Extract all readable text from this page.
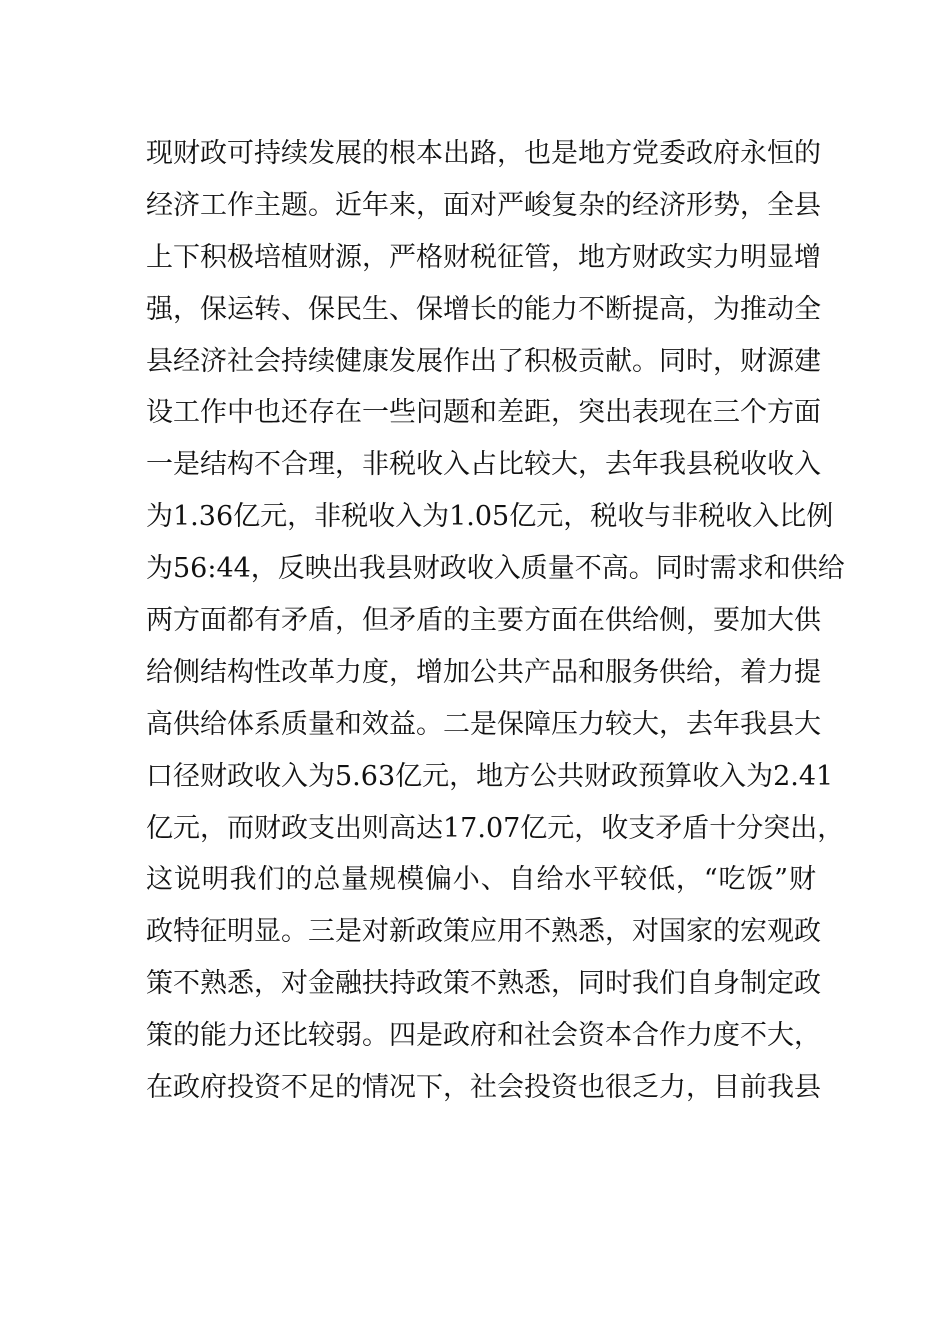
现财政可持续发展的根本出路，也是地方党委政府永恒的
经济工作主题。近年来，面对严峻复杂的经济形势，全县
上下积极培植财源，严格财税征管，地方财政实力明显增
强，保运转、保民生、保增长的能力不断提高，为推动全
县经济社会持续健康发展作出了积极贡献。同时，财源建
设工作中也还存在一些问题和差距，突出表现在三个方面
一是结构不合理，非税收入占比较大，去年我县税收收入
为1.36亿元，非税收入为1.05亿元，税收与非税收入比例
为56:44，反映出我县财政收入质量不高。同时需求和供给
两方面都有矛盾，但矛盾的主要方面在供给侧，要加大供
给侧结构性改革力度，增加公共产品和服务供给，着力提
高供给体系质量和效益。二是保障压力较大，去年我县大
口径财政收入为5.63亿元，地方公共财政预算收入为2.41
亿元，而财政支出则高达17.07亿元，收支矛盾十分突出，
这说明我们的总量规模偏小、自给水平较低，“吃饭”财
政特征明显。三是对新政策应用不熟悉，对国家的宏观政
策不熟悉，对金融扶持政策不熟悉，同时我们自身制定政
策的能力还比较弱。四是政府和社会资本合作力度不大，
在政府投资不足的情况下，社会投资也很乏力，目前我县
